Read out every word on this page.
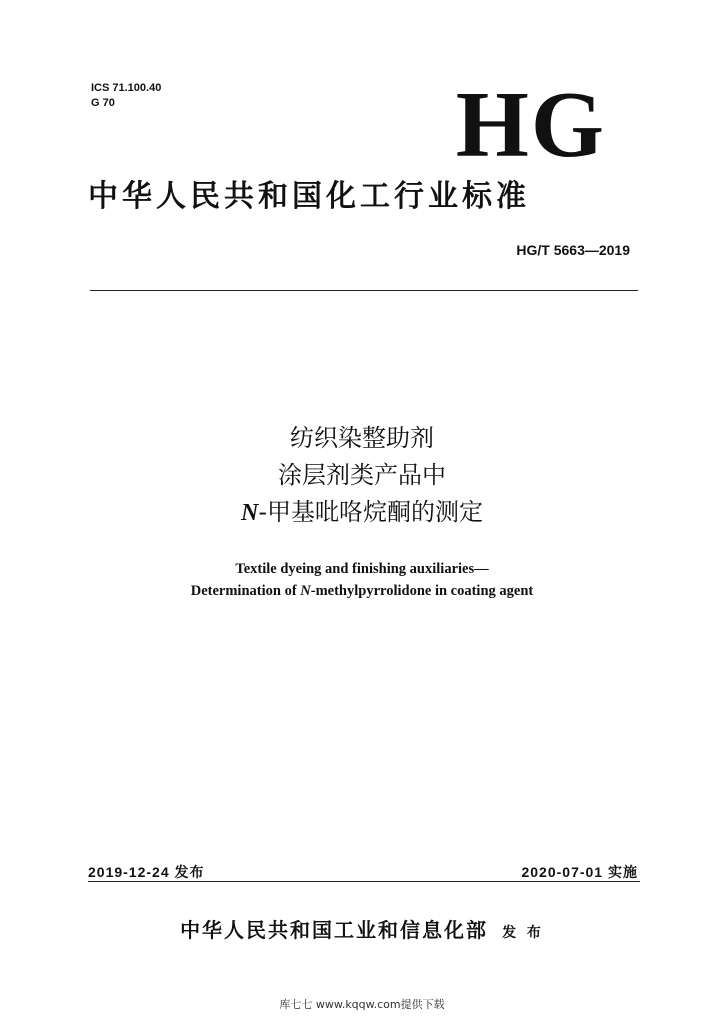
ICS 71.100.40
G 70	HG
中华人民共和国化工行业标准
HG/T 5663—2019
纺织染整助剂
涂层剂类产品中
N-甲基吡咯烷酮的测定
Textile dyeing and finishing auxiliaries—
Determination of N-methylpyrrolidone in coating agent
2019-12-24 发布	2020-07-01 实施
中华人民共和国工业和信息化部 发 布
库七七 www.kqqw.com提供下载
